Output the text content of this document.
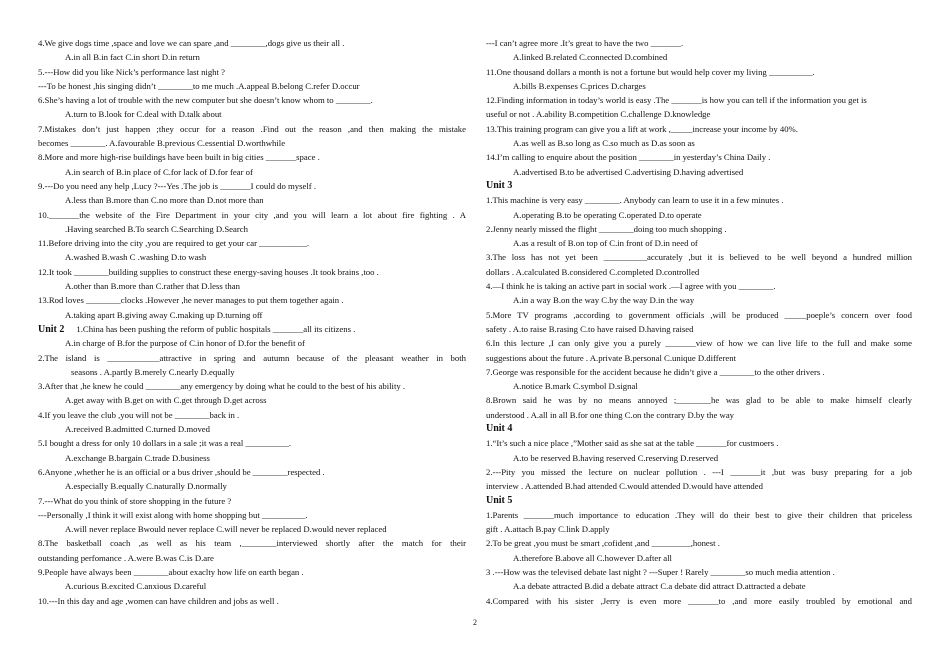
4.We give dogs time ,space and love we can spare ,and ________,dogs give us their all .
A.in all B.in fact C.in short D.in return
5.---How did you like Nick’s performance last night ?
---To be honest ,his singing didn’t ________to me much .A.appeal B.belong C.refer D.occur
6.She’s having a lot of trouble with the new computer but she doesn’t know whom to ________.
A.turn to B.look for C.deal with D.talk about
7.Mistakes don’t just happen ;they occur for a reason .Find out the reason ,and then making the mistake
becomes ________. A.favourable B.previous C.essential D.worthwhile
8.More and more high-rise buildings have been built in big cities _______space .
A.in search of B.in place of C.for lack of D.for fear of
9.---Do you need any help ,Lucy ?---Yes .The job is _______I could do myself .
A.less than B.more than C.no more than D.not more than
10._______the website of the Fire Department in your city ,and you will learn a lot about fire fighting . A
.Having searched B.To search C.Searching D.Search
11.Before driving into the city ,you are required to get your car ___________.
A.washed B.wash C .washing D.to wash
12.It took ________building supplies to construct these energy-saving houses .It took brains ,too .
A.other than B.more than C.rather that D.less than
13.Rod loves ________clocks .However ,he never manages to put them together again .
A.taking apart B.giving away C.making up D.turning off
Unit 2 1.China has been pushing the reform of public hospitals _______all its citizens .
A.in charge of B.for the purpose of C.in honor of D.for the benefit of
2.The island is ____________attractive in spring and autumn because of the pleasant weather in both
seasons . A.partly B.merely C.nearly D.equally
3.After that ,he knew he could ________any emergency by doing what he could to the best of his ability .
A.get away with B.get on with C.get through D.get across
4.If you leave the club ,you will not be ________back in .
A.received B.admitted C.turned D.moved
5.I bought a dress for only 10 dollars in a sale ;it was a real __________.
A.exchange B.bargain C.trade D.business
6.Anyone ,whether he is an official or a bus driver ,should be ________respected .
A.especially B.equally C.naturally D.normally
7.---What do you think of store shopping in the future ?
---Personally ,I think it will exist along with home shopping but __________.
A.will never replace Bwould never replace C.will never be replaced D.would never replaced
8.The basketball coach ,as well as his team ,________interviewed shortly after the match for their
outstanding perfomance . A.were B.was C.is D.are
9.People have always been ________about exaclty how life on earth began .
A.curious B.excited C.anxious D.careful
10.---In this day and age ,women can have children and jobs as well .
---I can’t agree more .It’s great to have the two _______.
A.linked B.related C.connected D.combined
11.One thousand dollars a month is not a fortune but would help cover my living __________.
A.bills B.expenses C.prices D.charges
12.Finding information in today’s world is easy .The _______is how you can tell if the information you get is
useful or not . A.ability B.competition C.challenge D.knowledge
13.This training program can give you a lift at work ,_____increase your income by 40%.
A.as well as B.so long as C.so much as D.as soon as
14.I’m calling to enquire about the position ________in yesterday’s China Daily .
A.advertised B.to be advertised C.advertising D.having advertised
Unit 3
1.This machine is very easy ________. Anybody can learn to use it in a few minutes .
A.operating B.to be operating C.operated D.to operate
2.Jenny nearly missed the flight ________doing too much shopping .
A.as a result of B.on top of C.in front of D.in need of
3.The loss has not yet been __________accurately ,but it is believed to be well beyond a hundred million
dollars . A.calculated B.considered C.completed D.controlled
4.—I think he is taking an active part in social work .—I agree with you ________.
A.in a way B.on the way C.by the way D.in the way
5.More TV programs ,according to government officials ,will be produced _____poeple’s concern over food
safety . A.to raise B.rasing C.to have raised D.having raised
6.In this lecture ,I can only give you a purely _______view of how we can live life to the full and make some
suggestions about the future . A.private B.personal C.unique D.different
7.George was responsible for the accident because he didn’t give a ________to the other drivers .
A.notice B.mark C.symbol D.signal
8.Brown said he was by no means annoyed ;________he was glad to be able to make himself clearly
understood . A.all in all B.for one thing C.on the contrary D.by the way
Unit 4
1.“It’s such a nice place ,”Mother said as she sat at the table _______for custmoers .
A.to be reserved B.having reserved C.reserving D.reserved
2.---Pity you missed the lecture on nuclear pollution . ---I _______it ,but was busy preparing for a job
interview . A.attended B.had attended C.would attended D.would have attended
Unit 5
1.Parents _______much importance to education .They will do their best to give their children that priceless
gift . A.attach B.pay C.link D.apply
2.To be great ,you must be smart ,cofident ,and _________,honest .
A.therefore B.above all C.however D.after all
3 .---How was the televised debate last night ? ---Super ! Rarely ________so much media attention .
A.a debate attracted B.did a debate attract C.a debate did attract D.attracted a debate
4.Compared with his sister ,Jerry is even more _______to ,and more easily troubled by emotional and
2
